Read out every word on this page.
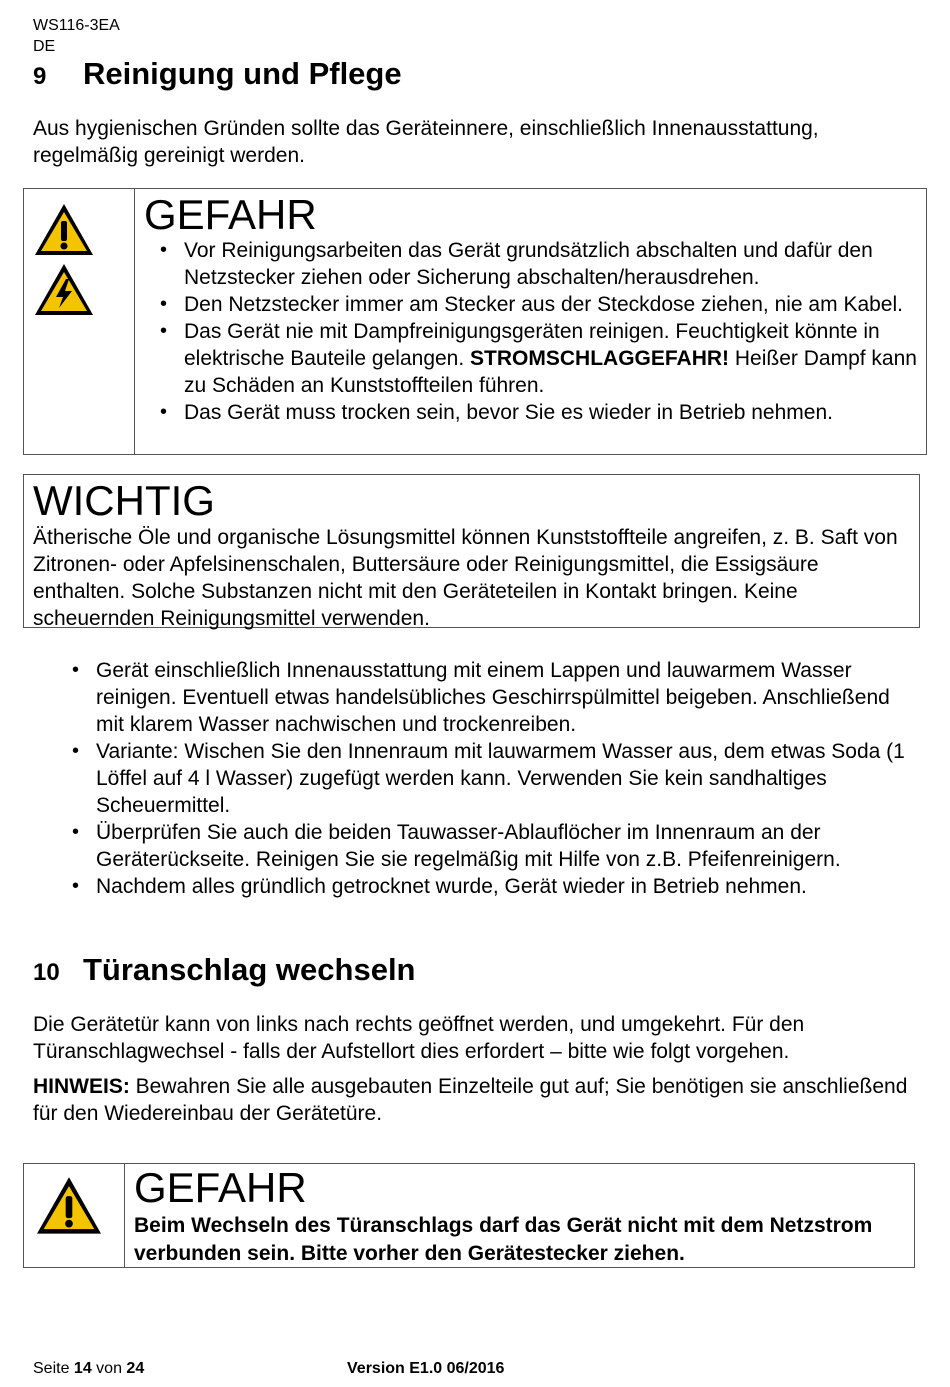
WS116-3EA
DE
9	Reinigung und Pflege
Aus hygienischen Gründen sollte das Geräteinnere, einschließlich Innenausstattung, regelmäßig gereinigt werden.
GEFAHR
• Vor Reinigungsarbeiten das Gerät grundsätzlich abschalten und dafür den Netzstecker ziehen oder Sicherung abschalten/herausdrehen.
• Den Netzstecker immer am Stecker aus der Steckdose ziehen, nie am Kabel.
• Das Gerät nie mit Dampfreinigungsgeräten reinigen. Feuchtigkeit könnte in elektrische Bauteile gelangen. STROMSCHLAGGEFAHR! Heißer Dampf kann zu Schäden an Kunststoffteilen führen.
• Das Gerät muss trocken sein, bevor Sie es wieder in Betrieb nehmen.
WICHTIG
Ätherische Öle und organische Lösungsmittel können Kunststoffteile angreifen, z. B. Saft von Zitronen- oder Apfelsinenschalen, Buttersäure oder Reinigungsmittel, die Essigsäure enthalten. Solche Substanzen nicht mit den Geräteteilen in Kontakt bringen. Keine scheuernden Reinigungsmittel verwenden.
• Gerät einschließlich Innenausstattung mit einem Lappen und lauwarmem Wasser reinigen. Eventuell etwas handelsübliches Geschirrspülmittel beigeben. Anschließend mit klarem Wasser nachwischen und trockenreiben.
• Variante: Wischen Sie den Innenraum mit lauwarmem Wasser aus, dem etwas Soda (1 Löffel auf 4 l Wasser) zugefügt werden kann. Verwenden Sie kein sandhaltiges Scheuermittel.
• Überprüfen Sie auch die beiden Tauwasser-Ablauflöcher im Innenraum an der Geräterückseite. Reinigen Sie sie regelmäßig mit Hilfe von z.B. Pfeifenreinigern.
• Nachdem alles gründlich getrocknet wurde, Gerät wieder in Betrieb nehmen.
10 Türanschlag wechseln
Die Gerätetür kann von links nach rechts geöffnet werden, und umgekehrt. Für den Türanschlagwechsel - falls der Aufstellort dies erfordert – bitte wie folgt vorgehen.
HINWEIS: Bewahren Sie alle ausgebauten Einzelteile gut auf; Sie benötigen sie anschließend für den Wiedereinbau der Gerätetüre.
GEFAHR
Beim Wechseln des Türanschlags darf das Gerät nicht mit dem Netzstrom verbunden sein. Bitte vorher den Gerätestecker ziehen.
Seite 14 von 24	Version E1.0 06/2016
